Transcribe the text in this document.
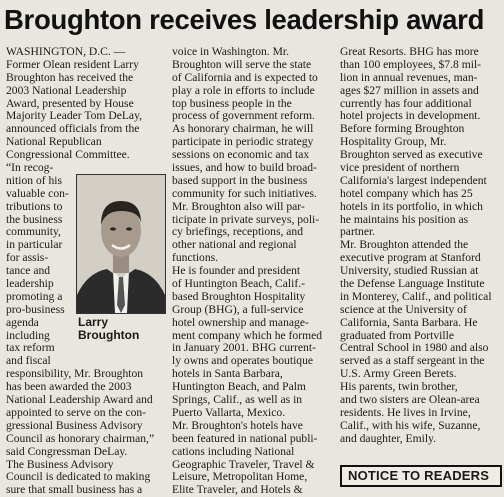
Broughton receives leadership award
WASHINGTON, D.C. —
Former Olean resident Larry
Broughton has received the
2003 National Leadership
Award, presented by House
Majority Leader Tom DeLay,
announced officials from the
National Republican
Congressional Committee.
“In recog-
nition of his
valuable con-
tributions to
the business
community,
in particular
for assis-
tance and
leadership
promoting a
pro-business
agenda
including
tax reform
and fiscal
responsibility, Mr. Broughton
has been awarded the 2003
National Leadership Award and
appointed to serve on the con-
gressional Business Advisory
Council as honorary chairman,”
said Congressman DeLay.
The Business Advisory
Council is dedicated to making
sure that small business has a
Larry
Broughton
voice in Washington. Mr.
Broughton will serve the state
of California and is expected to
play a role in efforts to include
top business people in the
process of government reform.
As honorary chairman, he will
participate in periodic strategy
sessions on economic and tax
issues, and how to build broad-
based support in the business
community for such initiatives.
Mr. Broughton also will par-
ticipate in private surveys, poli-
cy briefings, receptions, and
other national and regional
functions.
He is founder and president
of Huntington Beach, Calif.-
based Broughton Hospitality
Group (BHG), a full-service
hotel ownership and manage-
ment company which he formed
in January 2001. BHG current-
ly owns and operates boutique
hotels in Santa Barbara,
Huntington Beach, and Palm
Springs, Calif., as well as in
Puerto Vallarta, Mexico.
Mr. Broughton's hotels have
been featured in national publi-
cations including National
Geographic Traveler, Travel &
Leisure, Metropolitan Home,
Elite Traveler, and Hotels &
Great Resorts. BHG has more
than 100 employees, $7.8 mil-
lion in annual revenues, man-
ages $27 million in assets and
currently has four additional
hotel projects in development.
Before forming Broughton
Hospitality Group, Mr.
Broughton served as executive
vice president of northern
California's largest independent
hotel company which has 25
hotels in its portfolio, in which
he maintains his position as
partner.
Mr. Broughton attended the
executive program at Stanford
University, studied Russian at
the Defense Language Institute
in Monterey, Calif., and political
science at the University of
California, Santa Barbara. He
graduated from Portville
Central School in 1980 and also
served as a staff sergeant in the
U.S. Army Green Berets.
His parents, twin brother,
and two sisters are Olean-area
residents. He lives in Irvine,
Calif., with his wife, Suzanne,
and daughter, Emily.
NOTICE TO READERS
